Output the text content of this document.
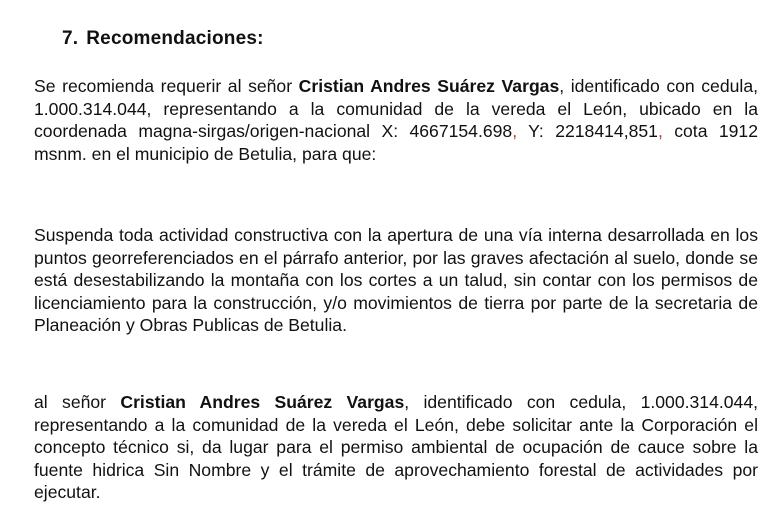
7. Recomendaciones:
Se recomienda requerir al señor Cristian Andres Suárez Vargas, identificado con cedula, 1.000.314.044, representando a la comunidad de la vereda el León, ubicado en la coordenada magna-sirgas/origen-nacional X: 4667154.698, Y: 2218414,851, cota 1912 msnm. en el municipio de Betulia, para que:
Suspenda toda actividad constructiva con la apertura de una vía interna desarrollada en los puntos georreferenciados en el párrafo anterior, por las graves afectación al suelo, donde se está desestabilizando la montaña con los cortes a un talud, sin contar con los permisos de licenciamiento para la construcción, y/o movimientos de tierra por parte de la secretaria de Planeación y Obras Publicas de Betulia.
al señor Cristian Andres Suárez Vargas, identificado con cedula, 1.000.314.044, representando a la comunidad de la vereda el León, debe solicitar ante la Corporación el concepto técnico si, da lugar para el permiso ambiental de ocupación de cauce sobre la fuente hidrica Sin Nombre y el trámite de aprovechamiento forestal de actividades por ejecutar.
